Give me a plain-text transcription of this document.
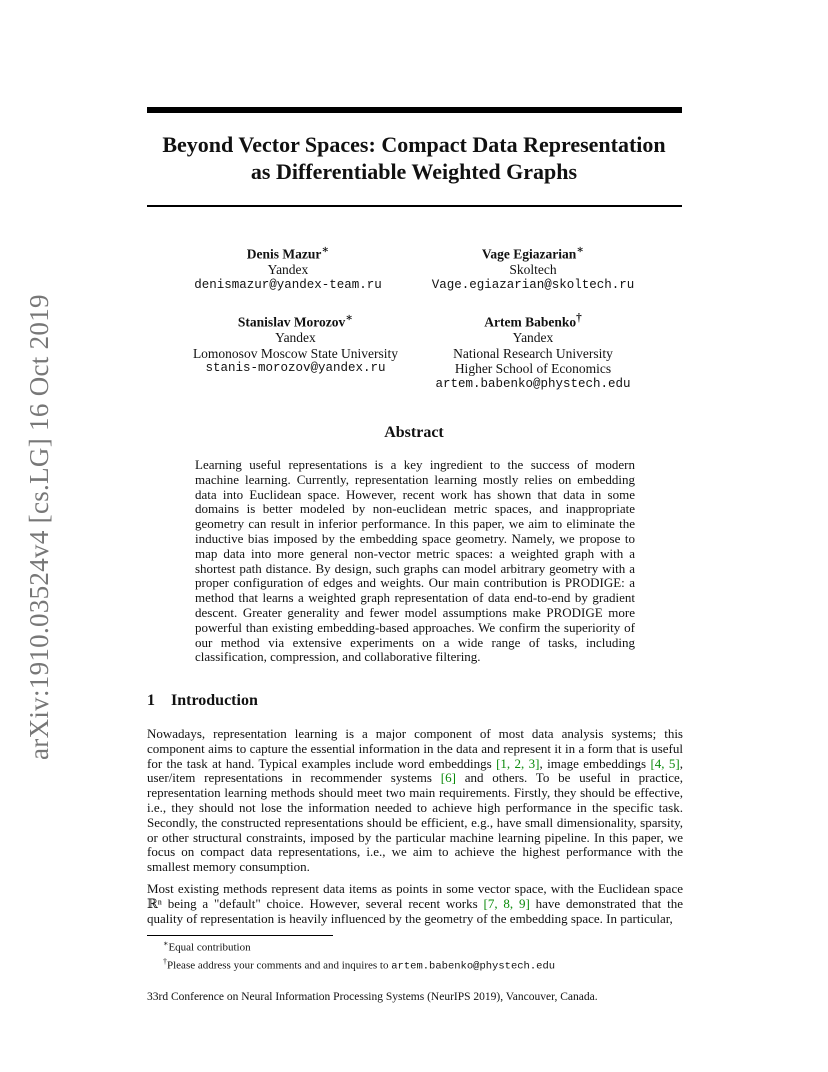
arXiv:1910.03524v4 [cs.LG] 16 Oct 2019
Beyond Vector Spaces: Compact Data Representation
as Differentiable Weighted Graphs
Denis Mazur∗
Yandex
denismazur@yandex-team.ru
Vage Egiazarian∗
Skoltech
Vage.egiazarian@skoltech.ru
Stanislav Morozov∗
Yandex
Lomonosov Moscow State University
stanis-morozov@yandex.ru
Artem Babenko†
Yandex
National Research University
Higher School of Economics
artem.babenko@phystech.edu
Abstract
Learning useful representations is a key ingredient to the success of modern machine learning. Currently, representation learning mostly relies on embedding data into Euclidean space. However, recent work has shown that data in some domains is better modeled by non-euclidean metric spaces, and inappropriate geometry can result in inferior performance. In this paper, we aim to eliminate the inductive bias imposed by the embedding space geometry. Namely, we propose to map data into more general non-vector metric spaces: a weighted graph with a shortest path distance. By design, such graphs can model arbitrary geometry with a proper configuration of edges and weights. Our main contribution is PRODIGE: a method that learns a weighted graph representation of data end-to-end by gradient descent. Greater generality and fewer model assumptions make PRODIGE more powerful than existing embedding-based approaches. We confirm the superiority of our method via extensive experiments on a wide range of tasks, including classification, compression, and collaborative filtering.
1 Introduction
Nowadays, representation learning is a major component of most data analysis systems; this component aims to capture the essential information in the data and represent it in a form that is useful for the task at hand. Typical examples include word embeddings [1, 2, 3], image embeddings [4, 5], user/item representations in recommender systems [6] and others. To be useful in practice, representation learning methods should meet two main requirements. Firstly, they should be effective, i.e., they should not lose the information needed to achieve high performance in the specific task. Secondly, the constructed representations should be efficient, e.g., have small dimensionality, sparsity, or other structural constraints, imposed by the particular machine learning pipeline. In this paper, we focus on compact data representations, i.e., we aim to achieve the highest performance with the smallest memory consumption.
Most existing methods represent data items as points in some vector space, with the Euclidean space ℝⁿ being a "default" choice. However, several recent works [7, 8, 9] have demonstrated that the quality of representation is heavily influenced by the geometry of the embedding space. In particular,
∗Equal contribution
†Please address your comments and and inquires to artem.babenko@phystech.edu
33rd Conference on Neural Information Processing Systems (NeurIPS 2019), Vancouver, Canada.
